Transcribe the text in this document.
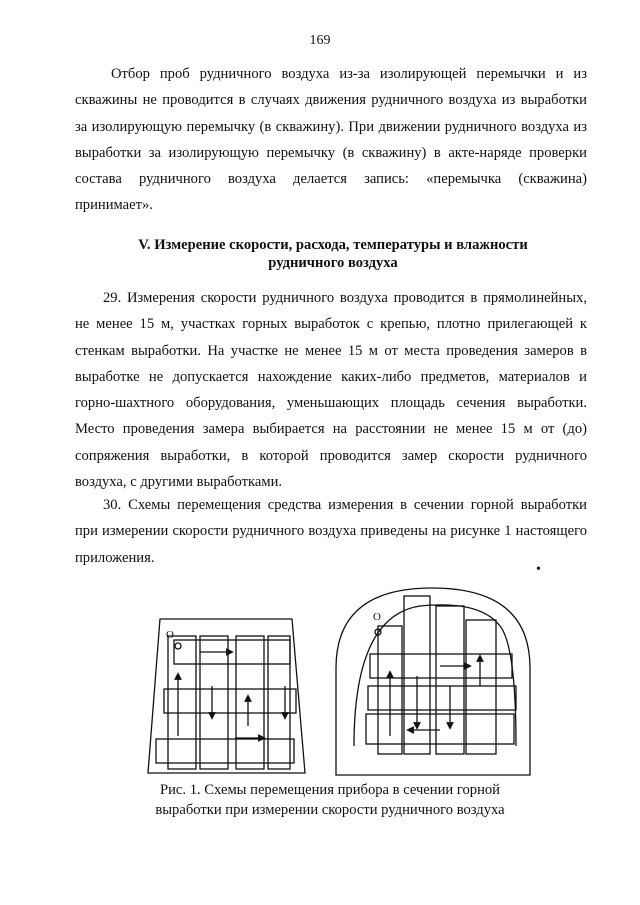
169

Отбор проб рудничного воздуха из-за изолирующей перемычки и из скважины не проводится в случаях движения рудничного воздуха из выработки за изолирующую перемычку (в скважину). При движении рудничного воздуха из выработки за изолирующую перемычку (в скважину) в акте-наряде проверки состава рудничного воздуха делается запись: «перемычка (скважина) принимает».

V. Измерение скорости, расхода, температуры и влажности
рудничного воздуха

29. Измерения скорости рудничного воздуха проводится в прямолинейных, не менее 15 м, участках горных выработок с крепью, плотно прилегающей к стенкам выработки. На участке не менее 15 м от места проведения замеров в выработке не допускается нахождение каких-либо предметов, материалов и горно-шахтного оборудования, уменьшающих площадь сечения выработки. Место проведения замера выбирается на расстоянии не менее 15 м от (до) сопряжения выработки, в которой проводится замер скорости рудничного воздуха, с другими выработками.

30. Схемы перемещения средства измерения в сечении горной выработки при измерении скорости рудничного воздуха приведены на рисунке 1 настоящего приложения.

•
О
О
Рис. 1. Схемы перемещения прибора в сечении горной
выработки при измерении скорости рудничного воздуха
